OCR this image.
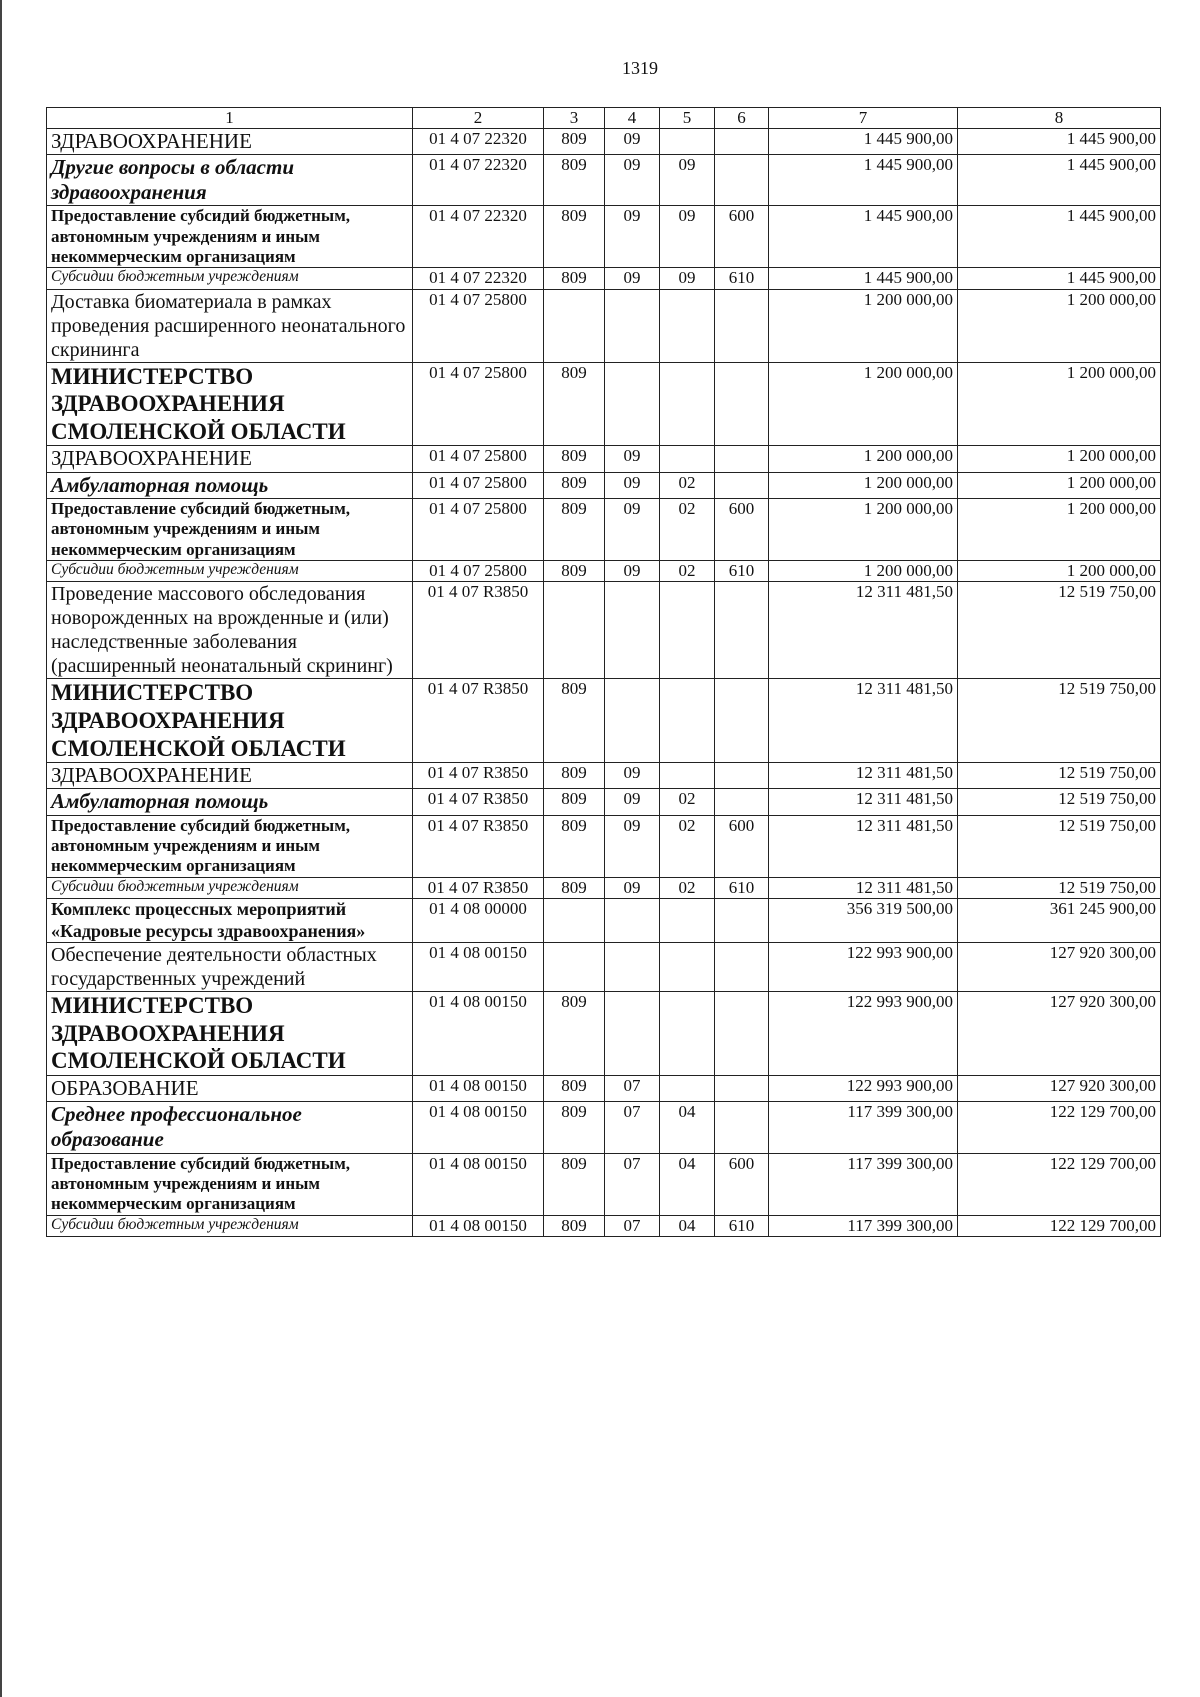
1319
1	2	3	4	5	6	7	8
ЗДРАВООХРАНЕНИЕ	01 4 07 22320	809	09			1 445 900,00	1 445 900,00
Другие вопросы в области здравоохранения	01 4 07 22320	809	09	09		1 445 900,00	1 445 900,00
Предоставление субсидий бюджетным, автономным учреждениям и иным некоммерческим организациям	01 4 07 22320	809	09	09	600	1 445 900,00	1 445 900,00
Субсидии бюджетным учреждениям	01 4 07 22320	809	09	09	610	1 445 900,00	1 445 900,00
Доставка биоматериала в рамках проведения расширенного неонатального скрининга	01 4 07 25800					1 200 000,00	1 200 000,00
МИНИСТЕРСТВО ЗДРАВООХРАНЕНИЯ СМОЛЕНСКОЙ ОБЛАСТИ	01 4 07 25800	809				1 200 000,00	1 200 000,00
ЗДРАВООХРАНЕНИЕ	01 4 07 25800	809	09			1 200 000,00	1 200 000,00
Амбулаторная помощь	01 4 07 25800	809	09	02		1 200 000,00	1 200 000,00
Предоставление субсидий бюджетным, автономным учреждениям и иным некоммерческим организациям	01 4 07 25800	809	09	02	600	1 200 000,00	1 200 000,00
Субсидии бюджетным учреждениям	01 4 07 25800	809	09	02	610	1 200 000,00	1 200 000,00
Проведение массового обследования новорожденных на врожденные и (или) наследственные заболевания (расширенный неонатальный скрининг)	01 4 07 R3850					12 311 481,50	12 519 750,00
МИНИСТЕРСТВО ЗДРАВООХРАНЕНИЯ СМОЛЕНСКОЙ ОБЛАСТИ	01 4 07 R3850	809				12 311 481,50	12 519 750,00
ЗДРАВООХРАНЕНИЕ	01 4 07 R3850	809	09			12 311 481,50	12 519 750,00
Амбулаторная помощь	01 4 07 R3850	809	09	02		12 311 481,50	12 519 750,00
Предоставление субсидий бюджетным, автономным учреждениям и иным некоммерческим организациям	01 4 07 R3850	809	09	02	600	12 311 481,50	12 519 750,00
Субсидии бюджетным учреждениям	01 4 07 R3850	809	09	02	610	12 311 481,50	12 519 750,00
Комплекс процессных мероприятий «Кадровые ресурсы здравоохранения»	01 4 08 00000					356 319 500,00	361 245 900,00
Обеспечение деятельности областных государственных учреждений	01 4 08 00150					122 993 900,00	127 920 300,00
МИНИСТЕРСТВО ЗДРАВООХРАНЕНИЯ СМОЛЕНСКОЙ ОБЛАСТИ	01 4 08 00150	809				122 993 900,00	127 920 300,00
ОБРАЗОВАНИЕ	01 4 08 00150	809	07			122 993 900,00	127 920 300,00
Среднее профессиональное образование	01 4 08 00150	809	07	04		117 399 300,00	122 129 700,00
Предоставление субсидий бюджетным, автономным учреждениям и иным некоммерческим организациям	01 4 08 00150	809	07	04	600	117 399 300,00	122 129 700,00
Субсидии бюджетным учреждениям	01 4 08 00150	809	07	04	610	117 399 300,00	122 129 700,00
